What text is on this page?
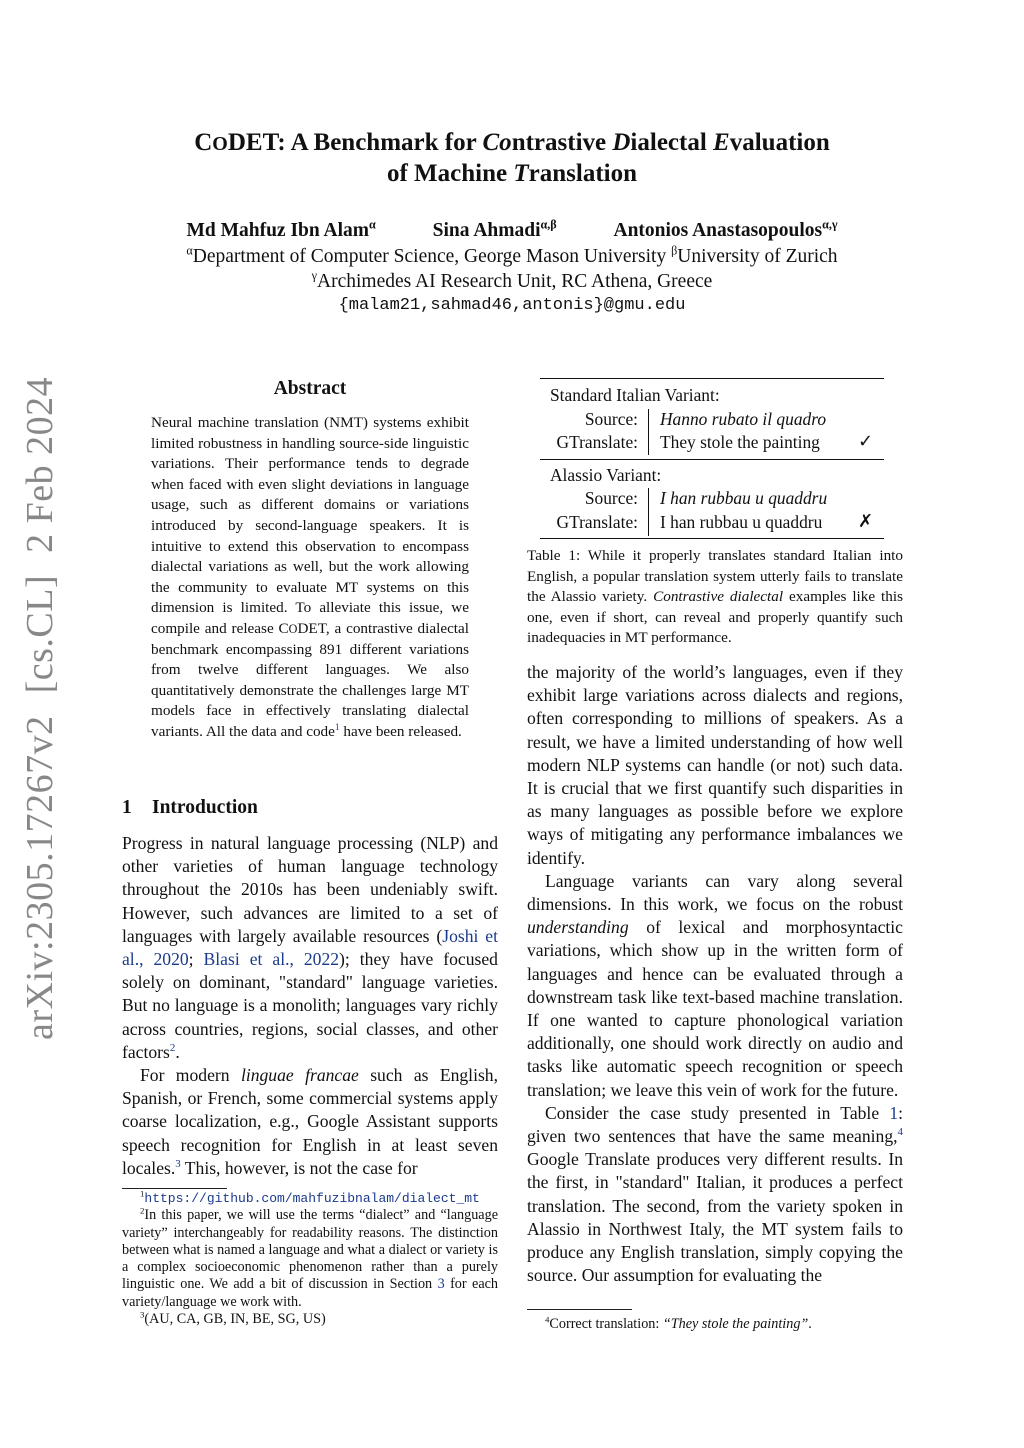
arXiv:2305.17267v2[cs.CL]2 Feb 2024
CODET: A Benchmark for Contrastive Dialectal Evaluation
of Machine Translation
Md Mahfuz Ibn Alam$^\alpha$	Sina Ahmadi$^{\alpha,\beta}$	Antonios Anastasopoulos$^{\alpha,\gamma}$
$^\alpha$Department of Computer Science, George Mason University $^\beta$University of Zurich
$^\gamma$Archimedes AI Research Unit, RC Athena, Greece
{malam21,sahmad46,antonis}@gmu.edu
Abstract
Neural machine translation (NMT) systems exhibit limited robustness in handling source-side linguistic variations. Their performance tends to degrade when faced with even slight deviations in language usage, such as different domains or variations introduced by second-language speakers. It is intuitive to extend this observation to encompass dialectal variations as well, but the work allowing the community to evaluate MT systems on this dimension is limited. To alleviate this issue, we compile and release CODET, a contrastive dialectal benchmark encompassing 891 different variations from twelve different languages. We also quantitatively demonstrate the challenges large MT models face in effectively translating dialectal variants. All the data and code$^1$ have been released.
1 Introduction

Progress in natural language processing (NLP) and other varieties of human language technology throughout the 2010s has been undeniably swift. However, such advances are limited to a set of languages with largely available resources (Joshi et al., 2020; Blasi et al., 2022); they have focused solely on dominant, "standard" language varieties. But no language is a monolith; languages vary richly across countries, regions, social classes, and other factors$^2$.

For modern linguae francae such as English, Spanish, or French, some commercial systems apply coarse localization, e.g., Google Assistant supports speech recognition for English in at least seven locales.$^3$ This, however, is not the case for

$^1$https://github.com/mahfuzibnalam/dialect_mt

$^2$In this paper, we will use the terms “dialect” and “language variety” interchangeably for readability reasons. The distinction between what is named a language and what a dialect or variety is a complex socioeconomic phenomenon rather than a purely linguistic one. We add a bit of discussion in Section 3 for each variety/language we work with.

$^3$(AU, CA, GB, IN, BE, SG, US)

Standard Italian Variant:
Source: Hanno rubato il quadro
GTranslate: They stole the painting ✓
Alassio Variant:
Source: I han rubbau u quaddru
GTranslate: I han rubbau u quaddru ✗
Table 1: While it properly translates standard Italian into English, a popular translation system utterly fails to translate the Alassio variety. Contrastive dialectal examples like this one, even if short, can reveal and properly quantify such inadequacies in MT performance.

the majority of the world’s languages, even if they exhibit large variations across dialects and regions, often corresponding to millions of speakers. As a result, we have a limited understanding of how well modern NLP systems can handle (or not) such data. It is crucial that we first quantify such disparities in as many languages as possible before we explore ways of mitigating any performance imbalances we identify.

Language variants can vary along several dimensions. In this work, we focus on the robust understanding of lexical and morphosyntactic variations, which show up in the written form of languages and hence can be evaluated through a downstream task like text-based machine translation. If one wanted to capture phonological variation additionally, one should work directly on audio and tasks like automatic speech recognition or speech translation; we leave this vein of work for the future.

Consider the case study presented in Table 1: given two sentences that have the same meaning,$^4$ Google Translate produces very different results. In the first, in "standard" Italian, it produces a perfect translation. The second, from the variety spoken in Alassio in Northwest Italy, the MT system fails to produce any English translation, simply copying the source. Our assumption for evaluating the

$^4$Correct translation: “They stole the painting”.
